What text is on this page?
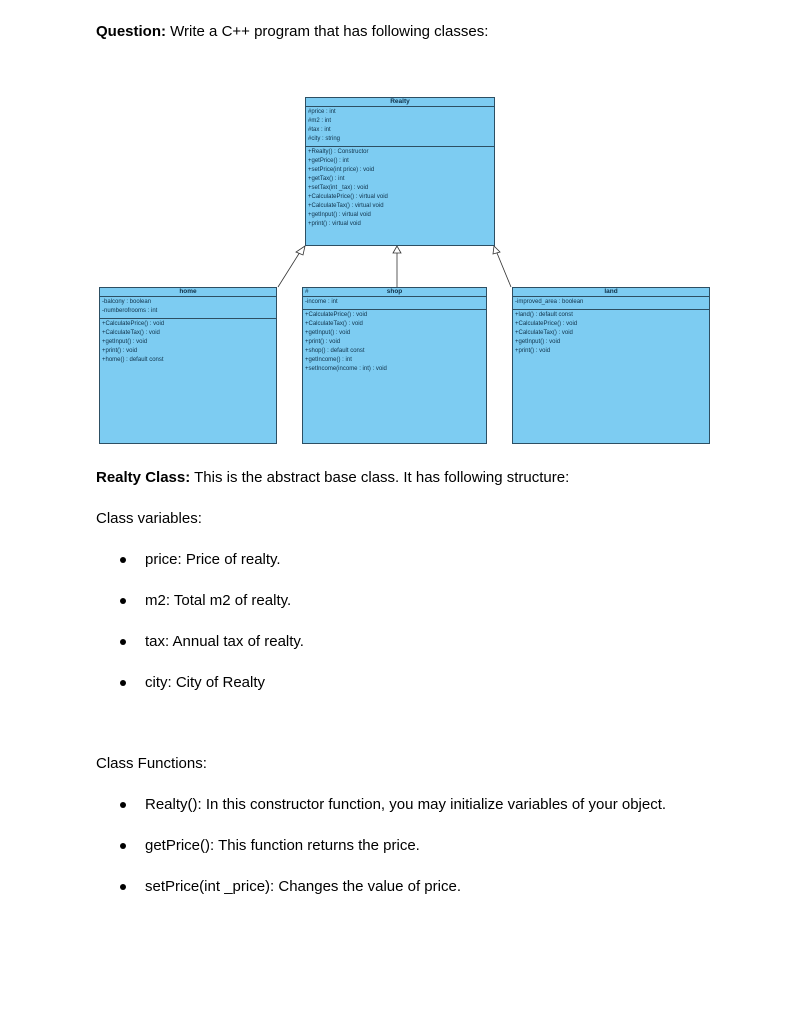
Question: Write a C++ program that has following classes:
Realty
#price : int
#m2 : int
#tax : int
#city : string
+Realty() : Constructor
+getPrice() : int
+setPrice(int price) : void
+getTax() : int
+setTax(int _tax) : void
+CalculatePrice() : virtual void
+CalculateTax() : virtual void
+getInput() : virtual void
+print() : virtual void
home
-balcony : boolean
-numberofrooms : int
+CalculatePrice() : void
+CalculateTax() : void
+getInput() : void
+print() : void
+home() : default const
#	shop
-income : int
+CalculatePrice() : void
+CalculateTax() : void
+getInput() : void
+print() : void
+shop() : default const
+getIncome() : int
+setIncome(income : int) : void
land
-improved_area : boolean
+land() : default const
+CalculatePrice() : void
+CalculateTax() : void
+getInput() : void
+print() : void
Realty Class: This is the abstract base class. It has following structure:
Class variables:
price: Price of realty.
m2: Total m2 of realty.
tax: Annual tax of realty.
city: City of Realty
Class Functions:
Realty(): In this constructor function, you may initialize variables of your object.
getPrice(): This function returns the price.
setPrice(int _price): Changes the value of price.
